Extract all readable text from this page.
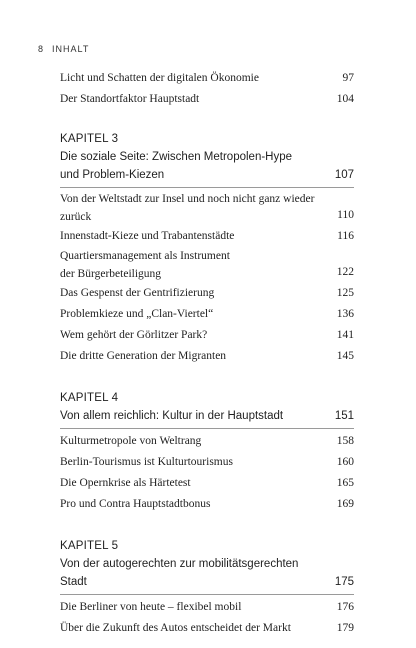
8 INHALT
Licht und Schatten der digitalen Ökonomie	97
Der Standortfaktor Hauptstadt	104
KAPITEL 3
Die soziale Seite: Zwischen Metropolen-Hype
und Problem-Kiezen	107
Von der Weltstadt zur Insel und noch nicht ganz wieder
zurück	110
Innenstadt-Kieze und Trabantenstädte	116
Quartiersmanagement als Instrument
der Bürgerbeteiligung	122
Das Gespenst der Gentrifizierung	125
Problemkieze und „Clan-Viertel“	136
Wem gehört der Görlitzer Park?	141
Die dritte Generation der Migranten	145
KAPITEL 4
Von allem reichlich: Kultur in der Hauptstadt	151
Kulturmetropole von Weltrang	158
Berlin-Tourismus ist Kulturtourismus	160
Die Opernkrise als Härtetest	165
Pro und Contra Hauptstadtbonus	169
KAPITEL 5
Von der autogerechten zur mobilitätsgerechten
Stadt	175
Die Berliner von heute – flexibel mobil	176
Über die Zukunft des Autos entscheidet der Markt	179
